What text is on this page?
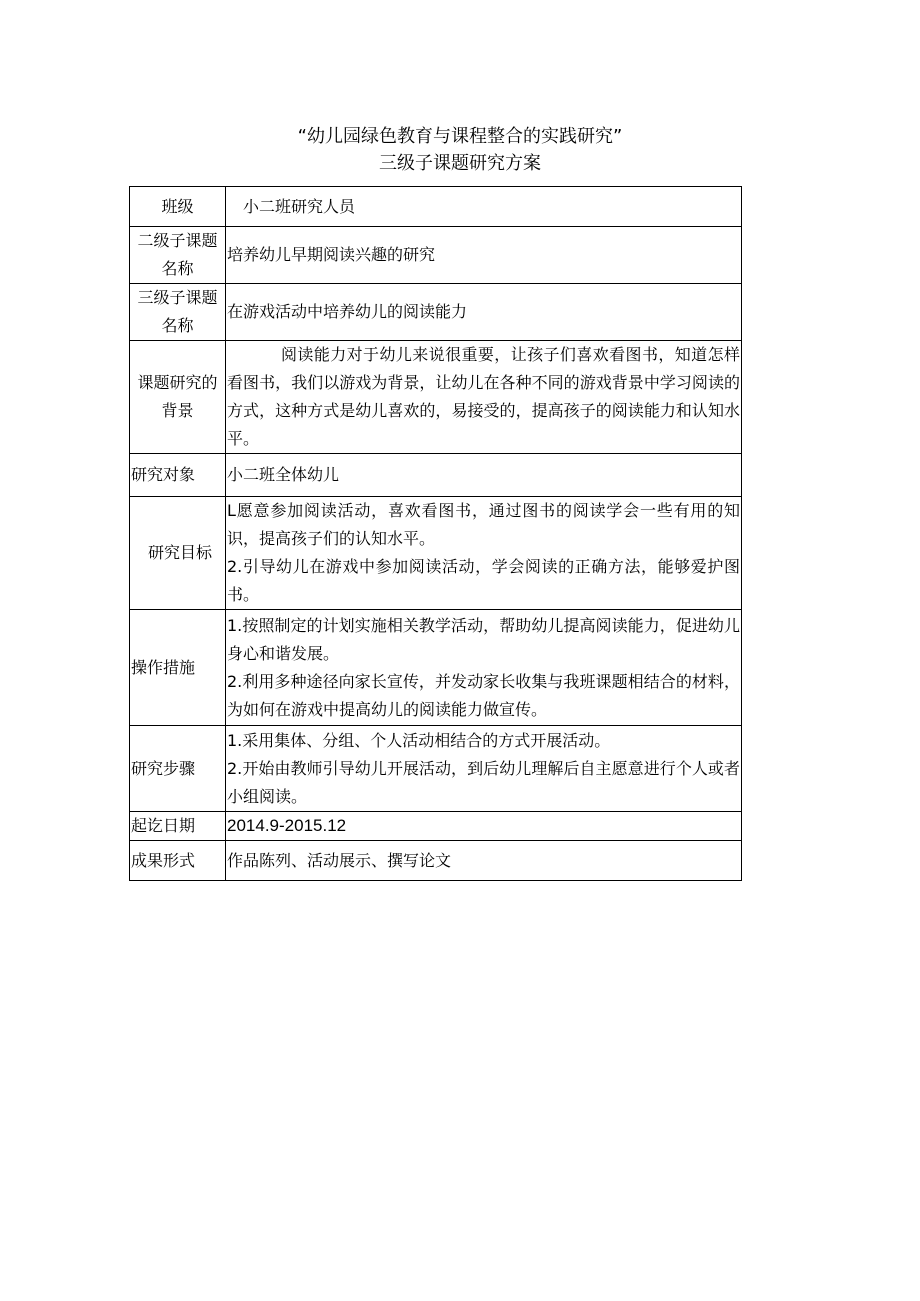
“幼儿园绿色教育与课程整合的实践研究”
三级子课题研究方案
班级	小二班研究人员
二级子课题名称	培养幼儿早期阅读兴趣的研究
三级子课题名称	在游戏活动中培养幼儿的阅读能力
课题研究的背景	阅读能力对于幼儿来说很重要，让孩子们喜欢看图书，知道怎样看图书，我们以游戏为背景，让幼儿在各种不同的游戏背景中学习阅读的方式，这种方式是幼儿喜欢的，易接受的，提高孩子的阅读能力和认知水平。

研究对象	小二班全体幼儿
研究目标	L愿意参加阅读活动，喜欢看图书，通过图书的阅读学会一些有用的知识，提高孩子们的认知水平。

2.引导幼儿在游戏中参加阅读活动，学会阅读的正确方法，能够爱护图书。

操作措施	1.按照制定的计划实施相关教学活动，帮助幼儿提高阅读能力，促进幼儿身心和谐发展。

2.利用多种途径向家长宣传，并发动家长收集与我班课题相结合的材料，为如何在游戏中提高幼儿的阅读能力做宣传。

研究步骤	1.采用集体、分组、个人活动相结合的方式开展活动。

2.开始由教师引导幼儿开展活动，到后幼儿理解后自主愿意进行个人或者小组阅读。

起讫日期	2014.9-2015.12
成果形式	作品陈列、活动展示、撰写论文
